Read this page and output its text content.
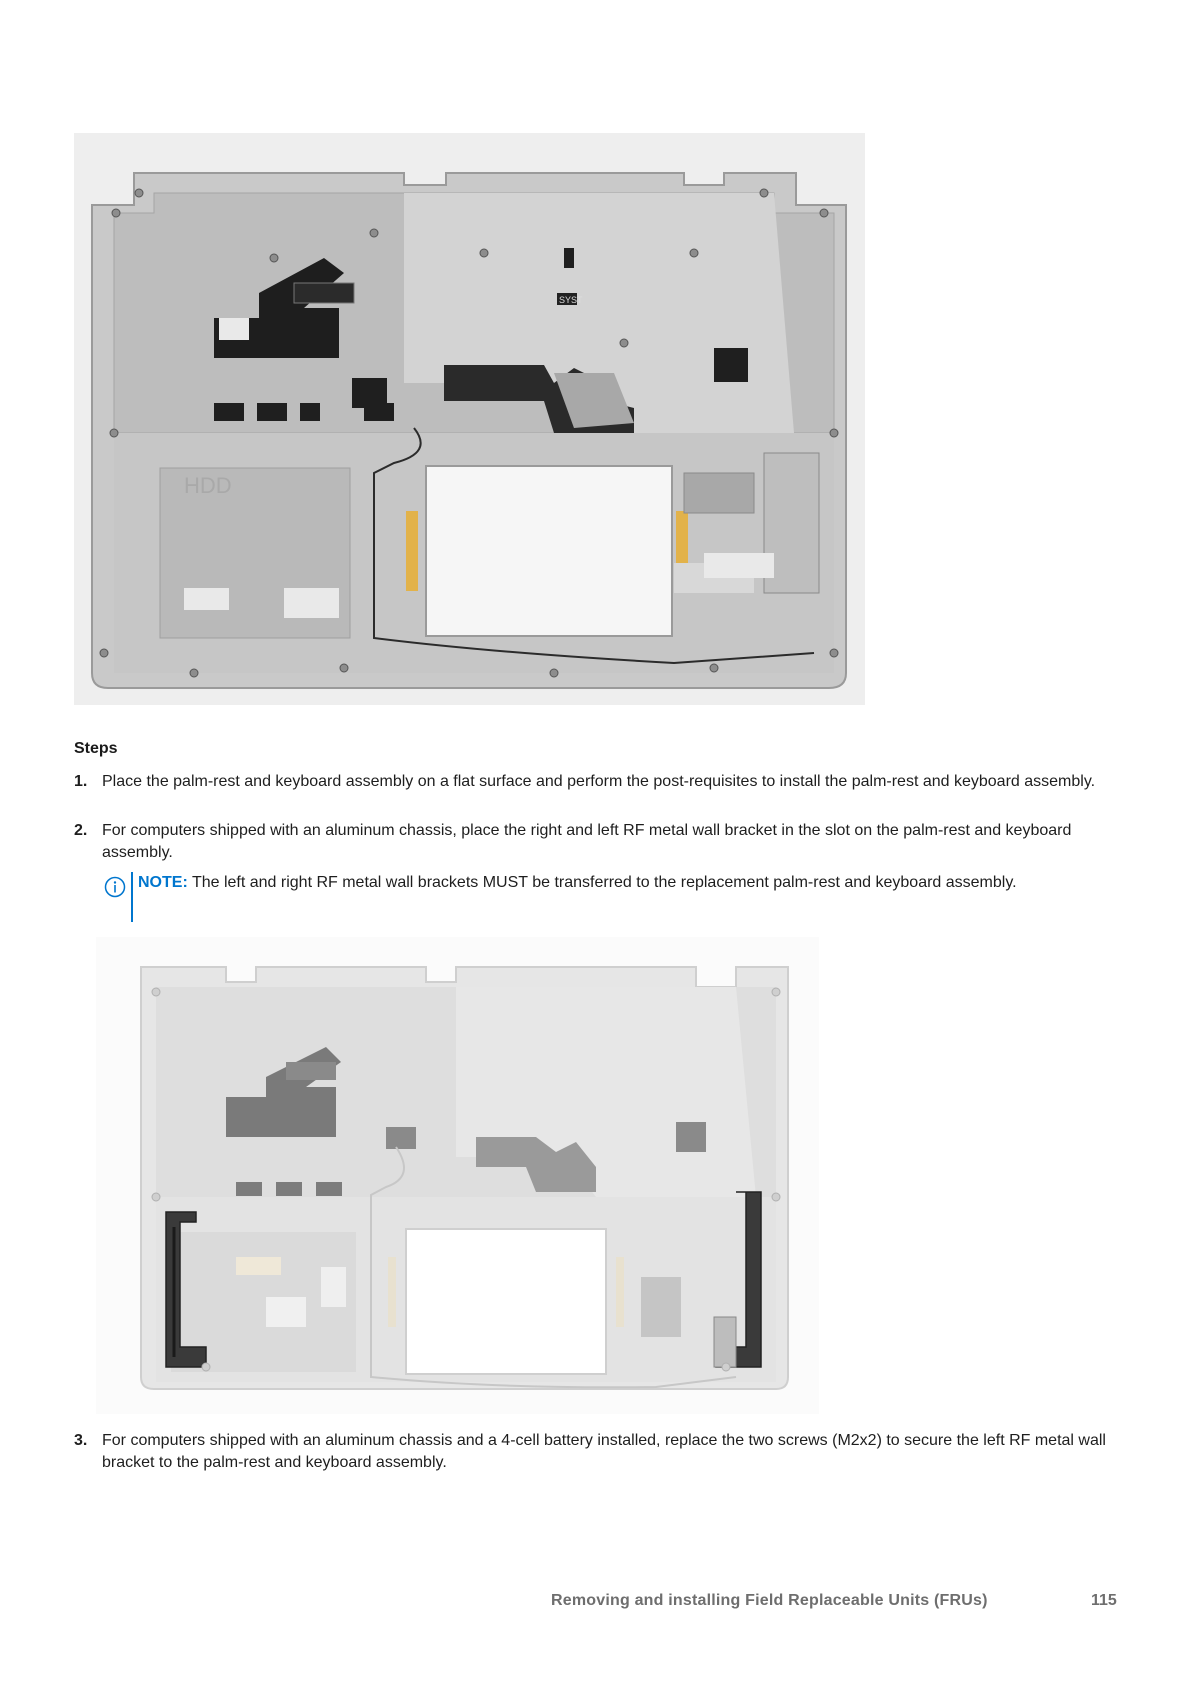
HDD
SYST
Steps
1. Place the palm-rest and keyboard assembly on a flat surface and perform the post-requisites to install the palm-rest and keyboard assembly.
2. For computers shipped with an aluminum chassis, place the right and left RF metal wall bracket in the slot on the palm-rest and keyboard assembly.
NOTE: The left and right RF metal wall brackets MUST be transferred to the replacement palm-rest and keyboard assembly.
3. For computers shipped with an aluminum chassis and a 4-cell battery installed, replace the two screws (M2x2) to secure the left RF metal wall bracket to the palm-rest and keyboard assembly.
Removing and installing Field Replaceable Units (FRUs)	115
